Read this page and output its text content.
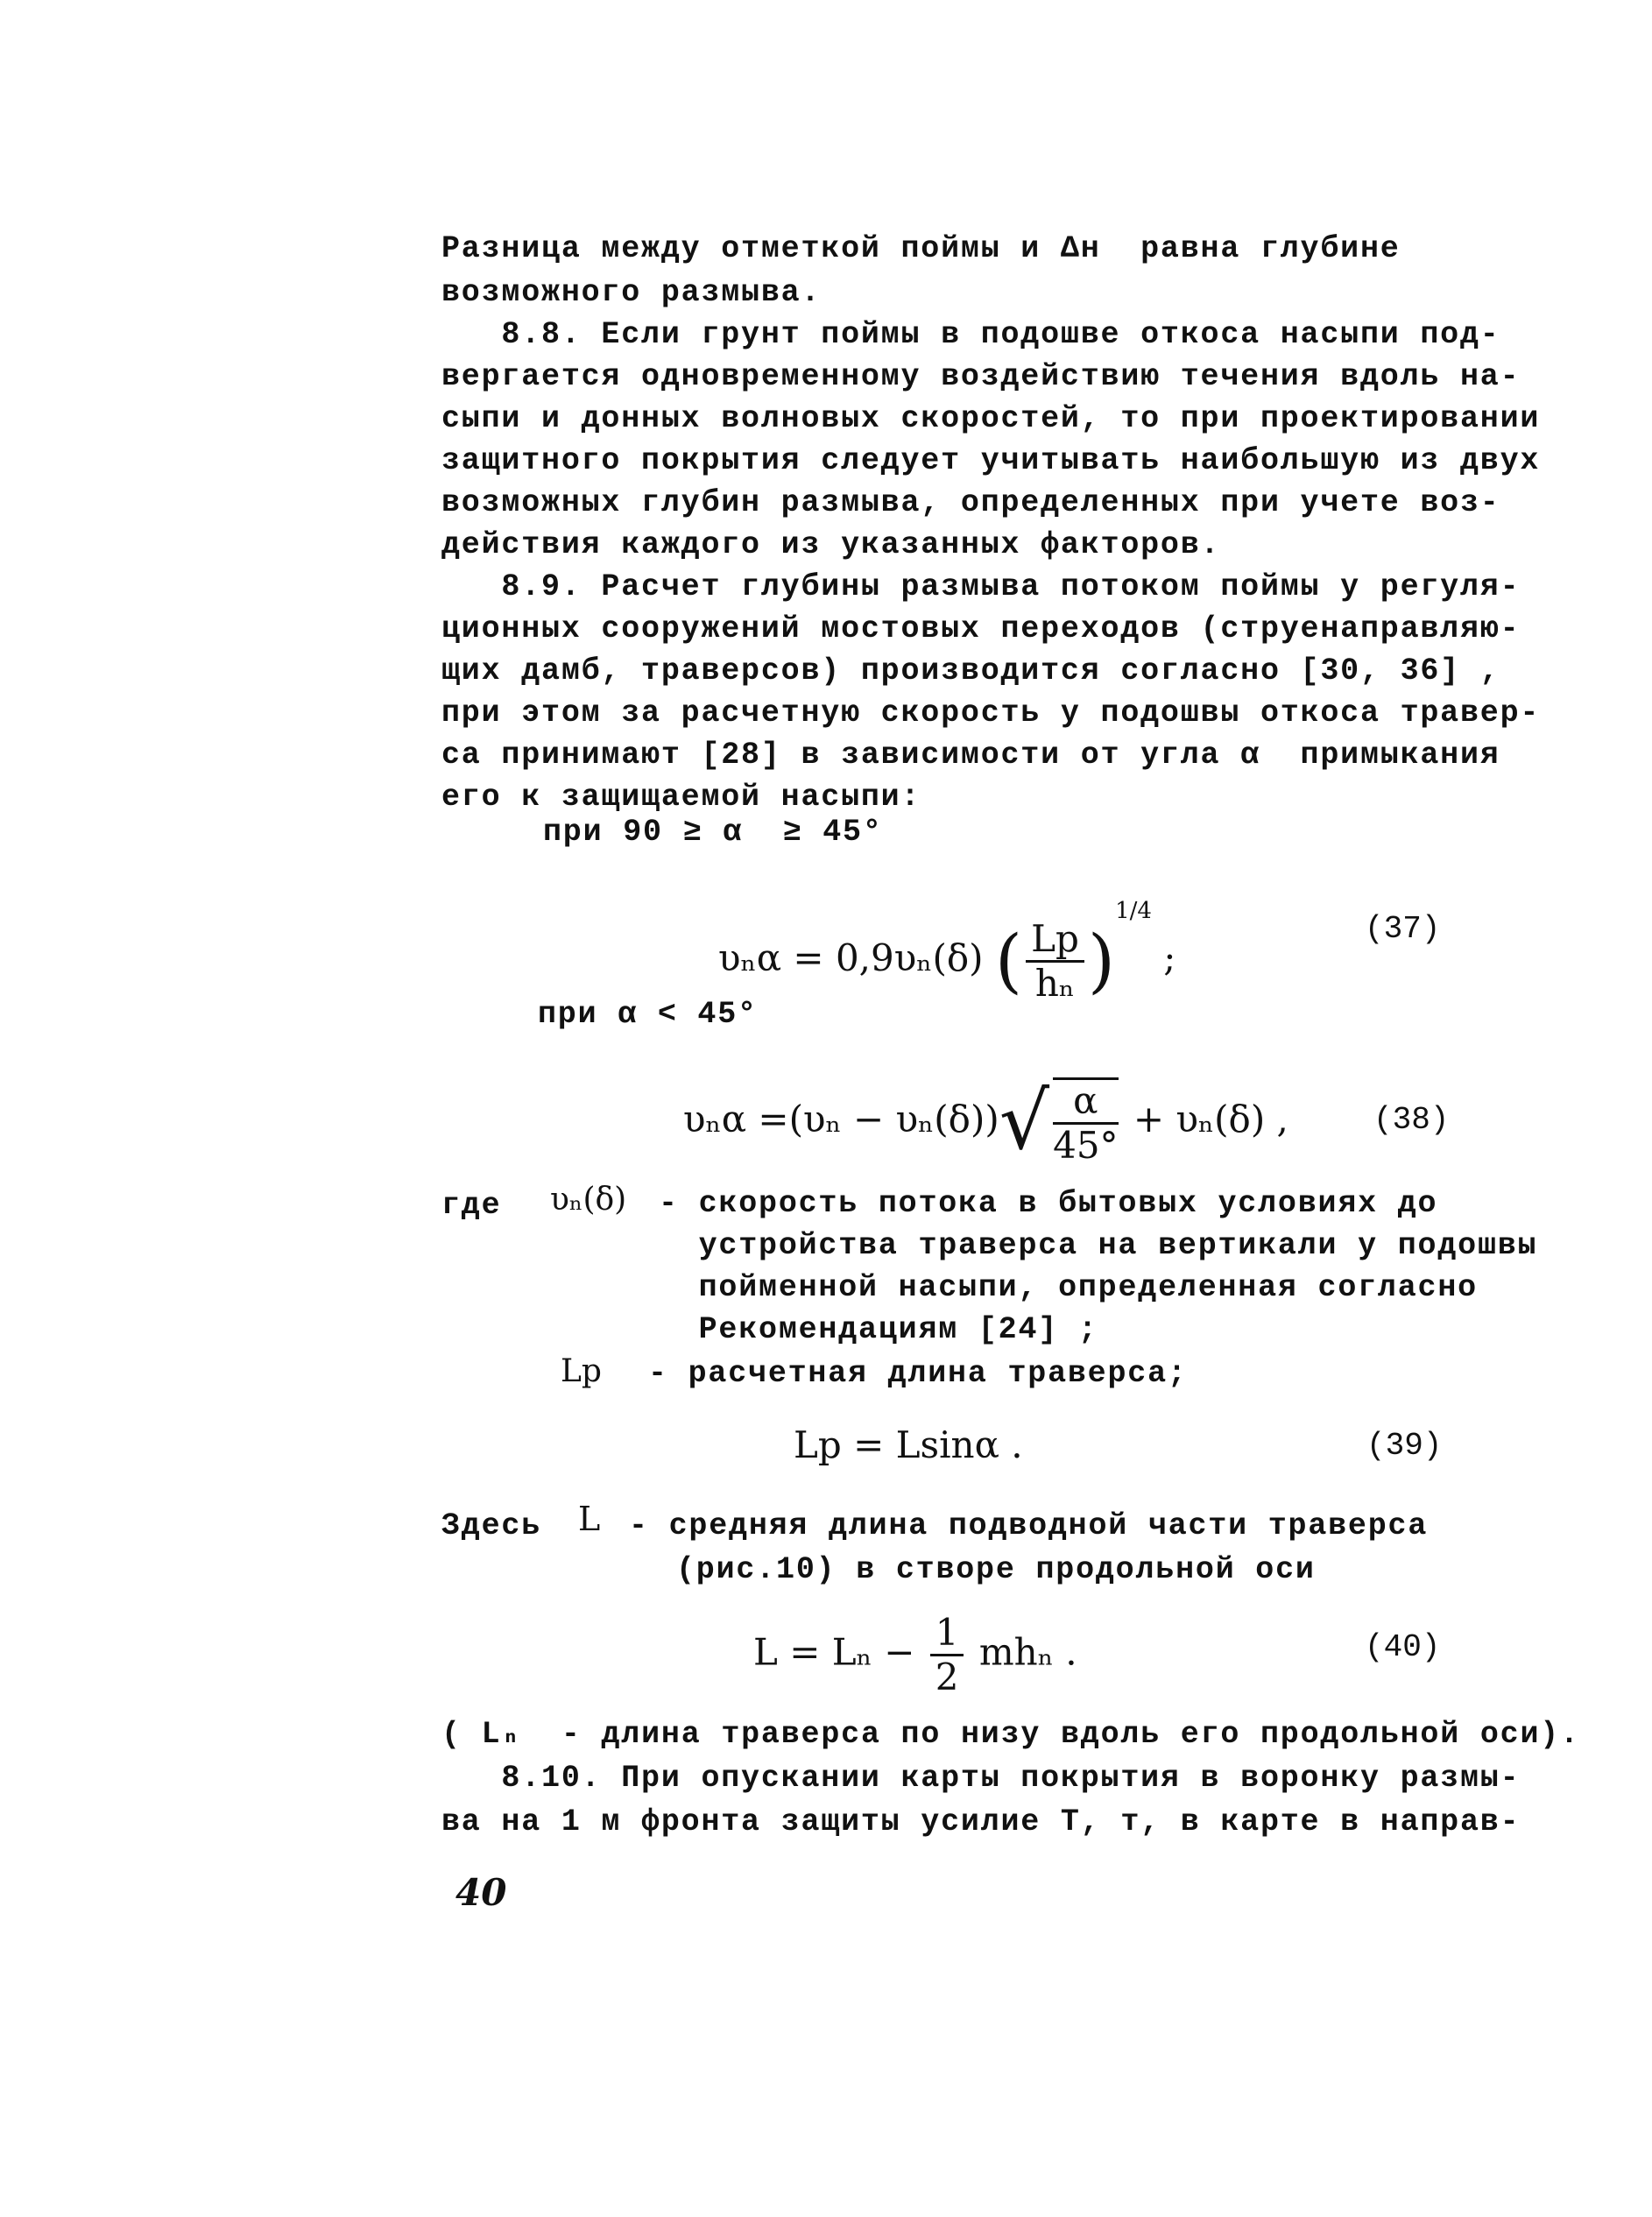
Разница между отметкой поймы и Δн  равна глубине
возможного размыва.
8.8. Если грунт поймы в подошве откоса насыпи под-
вергается одновременному воздействию течения вдоль на-
сыпи и донных волновых скоростей, то при проектировании
защитного покрытия следует учитывать наибольшую из двух
возможных глубин размыва, определенных при учете воз-
действия каждого из указанных факторов.
8.9. Расчет глубины размыва потоком поймы у регуля-
ционных сооружений мостовых переходов (струенаправляю-
щих дамб, траверсов) производится согласно [30, 36] ,
при этом за расчетную скорость у подошвы откоса травер-
са принимают [28] в зависимости от угла α  примыкания
его к защищаемой насыпи:
при 90 ≥ α  ≥ 45°
υₙα = 0,9υₙ(δ) ( $\frac{Lp}{\text{hₙ}} )^{1/4}$ ;
(37)
при α < 45°
$\upsilon_n\alpha =(\upsilon_n - \upsilon_n(\delta))√ \frac{\alpha}{45^\circ} + \upsilon_n(\delta)$ ,	(38)
где υₙ(δ) - скорость потока в бытовых условиях до
устройства траверса на вертикали у подошвы
пойменной насыпи, определенная согласно
Рекомендациям [24] ;
Lp - расчетная длина траверса;
Lp = Lsinα .	(39)
Здесь L - средняя длина подводной части траверса
(рис.10) в створе продольной оси
$L = L_n - \frac{1}{2}$ mhₙ .	(40)
( Lₙ  - длина траверса по низу вдоль его продольной оси).
8.10. При опускании карты покрытия в воронку размы-
ва на 1 м фронта защиты усилие T, т, в карте в направ-
40
